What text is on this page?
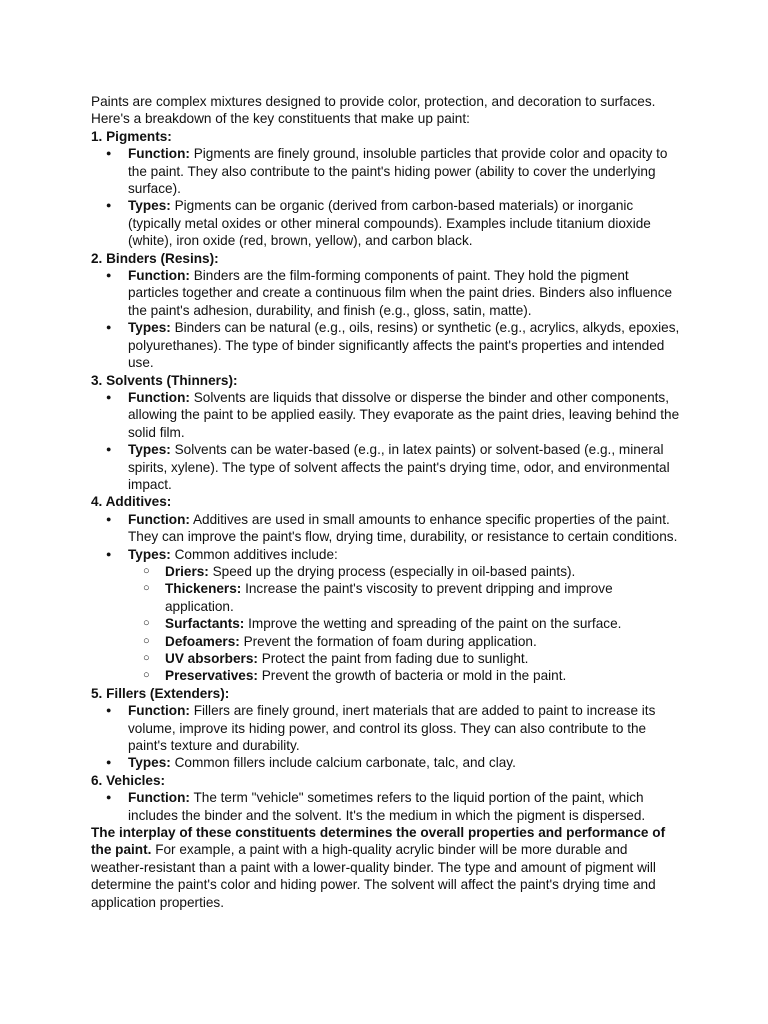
Paints are complex mixtures designed to provide color, protection, and decoration to surfaces. Here's a breakdown of the key constituents that make up paint:

1. Pigments:

● Function: Pigments are finely ground, insoluble particles that provide color and opacity to the paint. They also contribute to the paint's hiding power (ability to cover the underlying surface).
● Types: Pigments can be organic (derived from carbon-based materials) or inorganic (typically metal oxides or other mineral compounds). Examples include titanium dioxide (white), iron oxide (red, brown, yellow), and carbon black.

2. Binders (Resins):

● Function: Binders are the film-forming components of paint. They hold the pigment particles together and create a continuous film when the paint dries. Binders also influence the paint's adhesion, durability, and finish (e.g., gloss, satin, matte).
● Types: Binders can be natural (e.g., oils, resins) or synthetic (e.g., acrylics, alkyds, epoxies, polyurethanes). The type of binder significantly affects the paint's properties and intended use.

3. Solvents (Thinners):

● Function: Solvents are liquids that dissolve or disperse the binder and other components, allowing the paint to be applied easily. They evaporate as the paint dries, leaving behind the solid film.
● Types: Solvents can be water-based (e.g., in latex paints) or solvent-based (e.g., mineral spirits, xylene). The type of solvent affects the paint's drying time, odor, and environmental impact.

4. Additives:

● Function: Additives are used in small amounts to enhance specific properties of the paint. They can improve the paint's flow, drying time, durability, or resistance to certain conditions.
● Types: Common additives include:
○ Driers: Speed up the drying process (especially in oil-based paints).
○ Thickeners: Increase the paint's viscosity to prevent dripping and improve application.
○ Surfactants: Improve the wetting and spreading of the paint on the surface.
○ Defoamers: Prevent the formation of foam during application.
○ UV absorbers: Protect the paint from fading due to sunlight.
○ Preservatives: Prevent the growth of bacteria or mold in the paint.

5. Fillers (Extenders):

● Function: Fillers are finely ground, inert materials that are added to paint to increase its volume, improve its hiding power, and control its gloss. They can also contribute to the paint's texture and durability.
● Types: Common fillers include calcium carbonate, talc, and clay.

6. Vehicles:

● Function: The term "vehicle" sometimes refers to the liquid portion of the paint, which includes the binder and the solvent. It's the medium in which the pigment is dispersed.

The interplay of these constituents determines the overall properties and performance of the paint. For example, a paint with a high-quality acrylic binder will be more durable and weather-resistant than a paint with a lower-quality binder. The type and amount of pigment will determine the paint's color and hiding power. The solvent will affect the paint's drying time and application properties.
